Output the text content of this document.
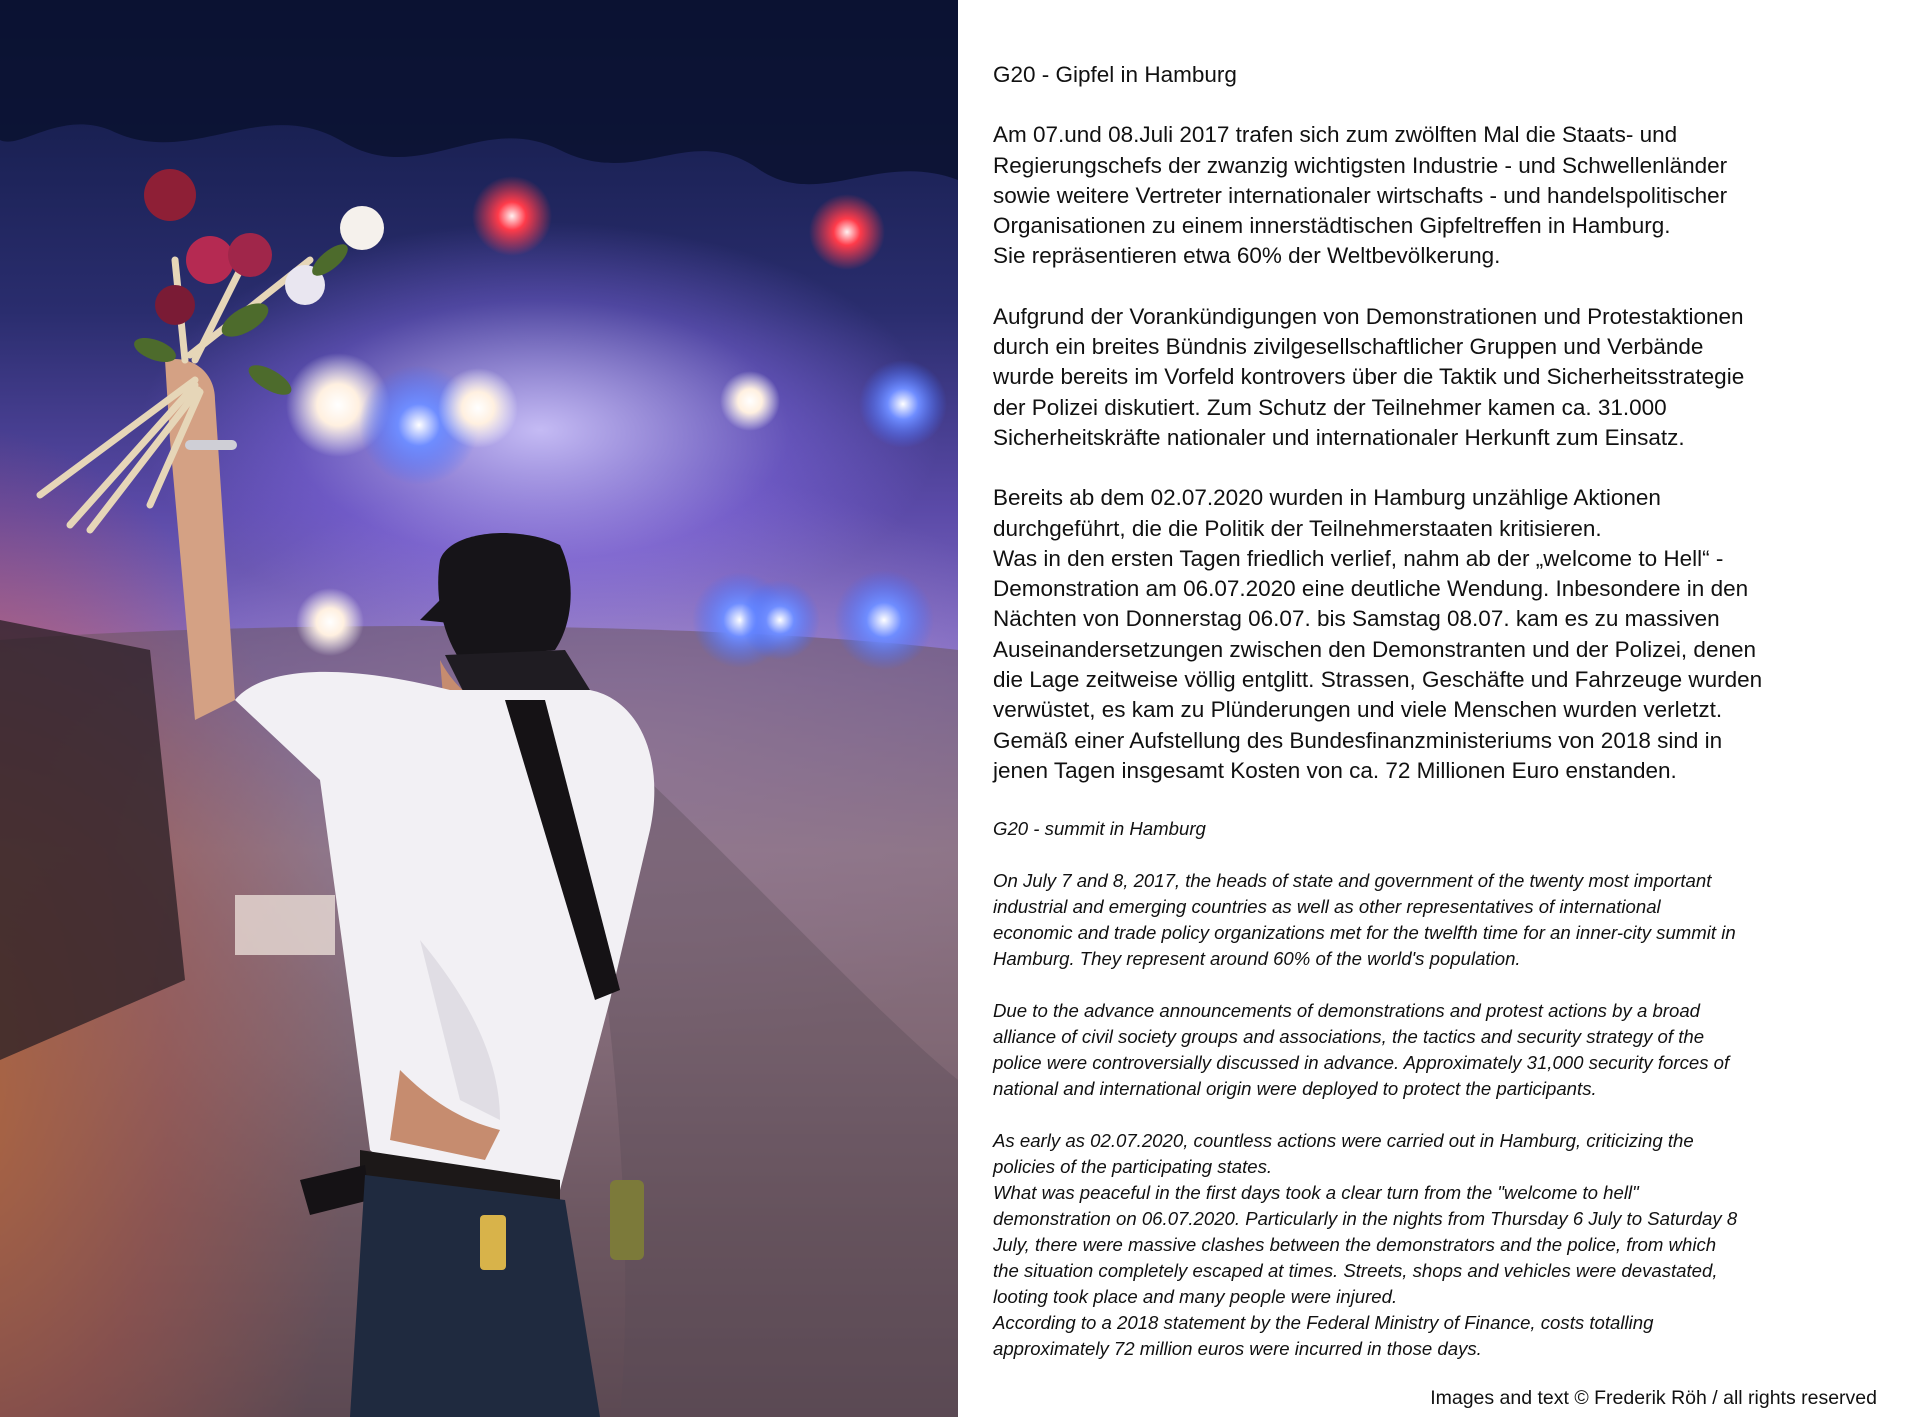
G20 - Gipfel in Hamburg

Am 07.und 08.Juli 2017 trafen sich zum zwölften Mal die Staats- und
Regierungschefs der zwanzig wichtigsten Industrie - und Schwellenländer
sowie weitere Vertreter internationaler wirtschafts - und handelspolitischer
Organisationen zu einem innerstädtischen Gipfeltreffen in Hamburg.
Sie repräsentieren etwa 60% der Weltbevölkerung.

Aufgrund der Vorankündigungen von Demonstrationen und Protestaktionen
durch ein breites Bündnis zivilgesellschaftlicher Gruppen und Verbände
wurde bereits im Vorfeld kontrovers über die Taktik und Sicherheitsstrategie
der Polizei diskutiert. Zum Schutz der Teilnehmer kamen ca. 31.000
Sicherheitskräfte nationaler und internationaler Herkunft zum Einsatz.

Bereits ab dem 02.07.2020 wurden in Hamburg unzählige Aktionen
durchgeführt, die die Politik der Teilnehmerstaaten kritisieren.
Was in den ersten Tagen friedlich verlief, nahm ab der „welcome to Hell“ -
Demonstration am 06.07.2020 eine deutliche Wendung. Inbesondere in den
Nächten von Donnerstag 06.07. bis Samstag 08.07. kam es zu massiven
Auseinandersetzungen zwischen den Demonstranten und der Polizei, denen
die Lage zeitweise völlig entglitt. Strassen, Geschäfte und Fahrzeuge wurden
verwüstet, es kam zu Plünderungen und viele Menschen wurden verletzt.
Gemäß einer Aufstellung des Bundesfinanzministeriums von 2018 sind in
jenen Tagen insgesamt Kosten von ca. 72 Millionen Euro enstanden.

G20 - summit in Hamburg

On July 7 and 8, 2017, the heads of state and government of the twenty most important
industrial and emerging countries as well as other representatives of international
economic and trade policy organizations met for the twelfth time for an inner-city summit in
Hamburg. They represent around 60% of the world's population.

Due to the advance announcements of demonstrations and protest actions by a broad
alliance of civil society groups and associations, the tactics and security strategy of the
police were controversially discussed in advance. Approximately 31,000 security forces of
national and international origin were deployed to protect the participants.

As early as 02.07.2020, countless actions were carried out in Hamburg, criticizing the
policies of the participating states.
What was peaceful in the first days took a clear turn from the "welcome to hell"
demonstration on 06.07.2020. Particularly in the nights from Thursday 6 July to Saturday 8
July, there were massive clashes between the demonstrators and the police, from which
the situation completely escaped at times. Streets, shops and vehicles were devastated,
looting took place and many people were injured.
According to a 2018 statement by the Federal Ministry of Finance, costs totalling
approximately 72 million euros were incurred in those days.

Images and text © Frederik Röh / all rights reserved
